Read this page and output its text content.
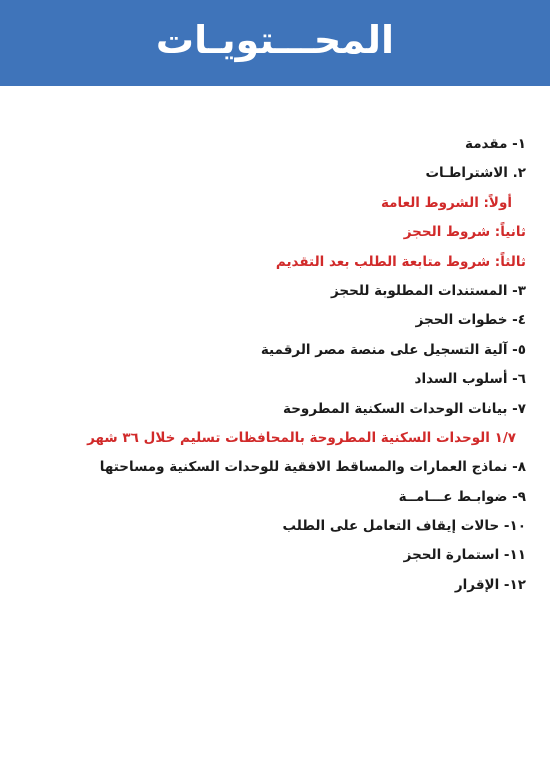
المحـــتويـات
١- مقدمة
٢. الاشتراطـات
أولاً: الشروط العامة
ثانياً: شروط الحجز
ثالثاً: شروط متابعة الطلب بعد التقديم
٣- المستندات المطلوبة للحجز
٤- خطوات الحجز
٥- آلية التسجيل على منصة مصر الرقمية
٦- أسلوب السداد
٧- بيانات الوحدات السكنية المطروحة
١/٧ الوحدات السكنية المطروحة بالمحافظات تسليم خلال ٣٦ شهر
٨- نماذج العمارات والمساقط الافقية للوحدات السكنية ومساحتها
٩- ضوابـط عـــامــة
١٠- حالات إيقاف التعامل على الطلب
١١- استمارة الحجز
١٢- الإقرار
